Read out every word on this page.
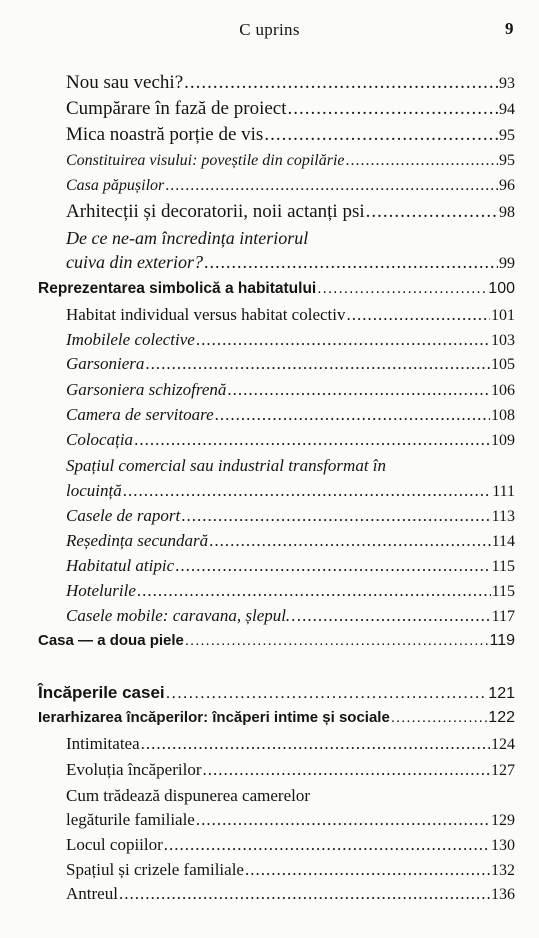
C uprins	9
Nou sau vechi? .....	93
Cumpărare în fază de proiect .....	94
Mica noastră porție de vis .....	95
Constituirea visului: poveștile din copilărie .....	95
Casa păpușilor .....	96
Arhitecții și decoratorii, noii actanți psi .....	98
De ce ne-am încredința interiorul
cuiva din exterior? .....	99
Reprezentarea simbolică a habitatului .....	100
Habitat individual versus habitat colectiv .....	101
Imobilele colective .....	103
Garsoniera .....	105
Garsoniera schizofrenă .....	106
Camera de servitoare .....	108
Colocația .....	109
Spațiul comercial sau industrial transformat în
locuință .....	111
Casele de raport .....	113
Reședința secundară .....	114
Habitatul atipic .....	115
Hotelurile .....	115
Casele mobile: caravana, șlepul… .....	117
Casa — a doua piele .....	119
Încăperile casei .....	121
Ierarhizarea încăperilor: încăperi intime și sociale .....	122
Intimitatea .....	124
Evoluția încăperilor .....	127
Cum trădează dispunerea camerelor
legăturile familiale .....	129
Locul copiilor .....	130
Spațiul și crizele familiale .....	132
Antreul .....	136
